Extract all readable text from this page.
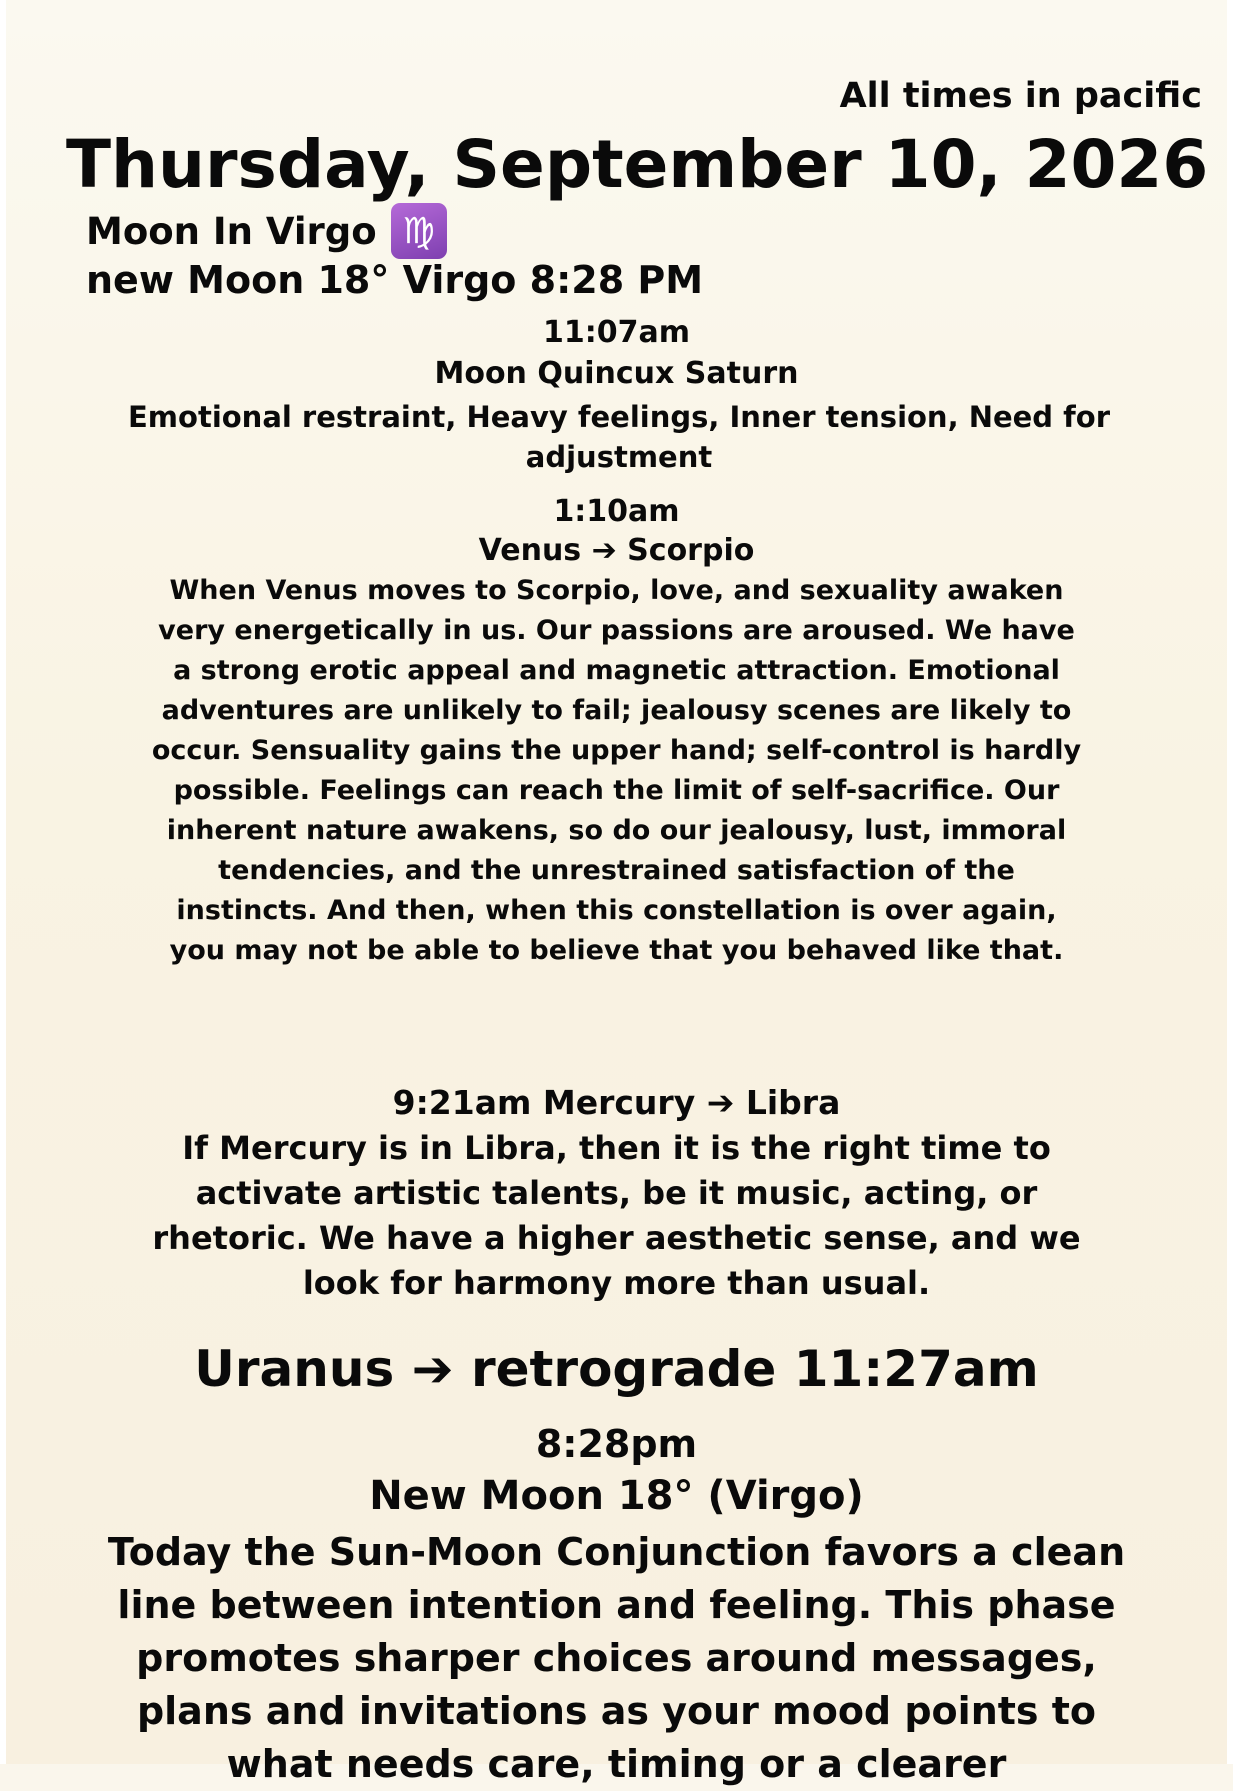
All times in pacific
Thursday, September 10, 2026
Moon In Virgo ♍
new Moon 18° Virgo 8:28 PM
11:07am
Moon Quincux Saturn
Emotional restraint, Heavy feelings, Inner tension, Need for adjustment
1:10am
Venus ➔ Scorpio
When Venus moves to Scorpio, love, and sexuality awaken very energetically in us. Our passions are aroused. We have a strong erotic appeal and magnetic attraction. Emotional adventures are unlikely to fail; jealousy scenes are likely to occur. Sensuality gains the upper hand; self-control is hardly possible. Feelings can reach the limit of self-sacrifice. Our inherent nature awakens, so do our jealousy, lust, immoral tendencies, and the unrestrained satisfaction of the instincts. And then, when this constellation is over again, you may not be able to believe that you behaved like that.
9:21am Mercury ➔ Libra
If Mercury is in Libra, then it is the right time to activate artistic talents, be it music, acting, or rhetoric. We have a higher aesthetic sense, and we look for harmony more than usual.
Uranus ➔ retrograde 11:27am
8:28pm
New Moon 18° (Virgo)
Today the Sun-Moon Conjunction favors a clean line between intention and feeling. This phase promotes sharper choices around messages, plans and invitations as your mood points to what needs care, timing or a clearer
